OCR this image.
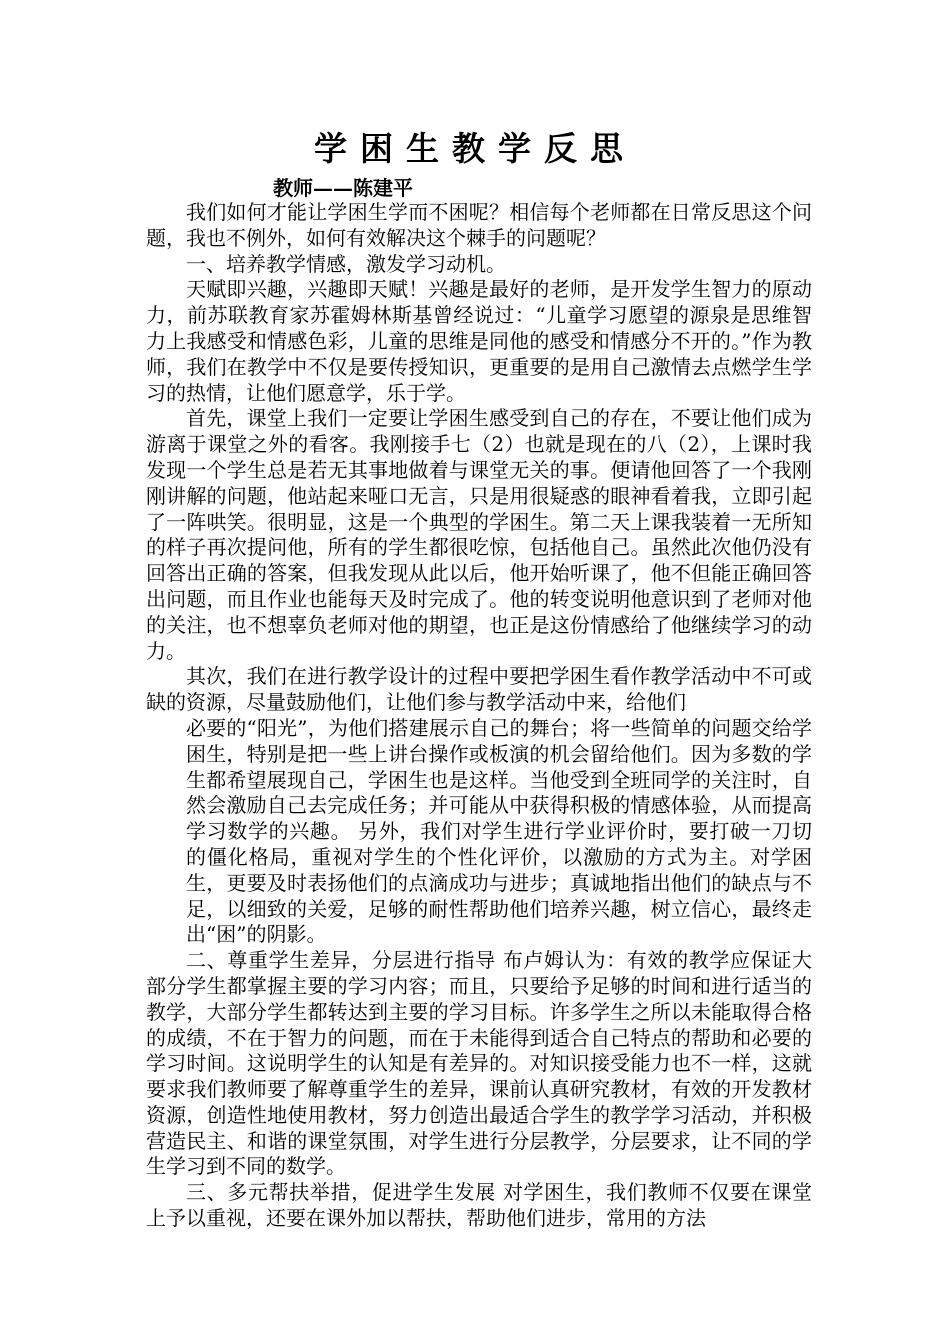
学困生教学反思
教师——陈建平

我们如何才能让学困生学而不困呢？相信每个老师都在日常反思这个问题，我也不例外，如何有效解决这个棘手的问题呢？

一、培养教学情感，激发学习动机。

天赋即兴趣，兴趣即天赋！兴趣是最好的老师，是开发学生智力的原动力，前苏联教育家苏霍姆林斯基曾经说过：“儿童学习愿望的源泉是思维智力上我感受和情感色彩，儿童的思维是同他的感受和情感分不开的。”作为教师，我们在教学中不仅是要传授知识，更重要的是用自己激情去点燃学生学习的热情，让他们愿意学，乐于学。

首先，课堂上我们一定要让学困生感受到自己的存在，不要让他们成为游离于课堂之外的看客。我刚接手七（2）也就是现在的八（2），上课时我发现一个学生总是若无其事地做着与课堂无关的事。便请他回答了一个我刚刚讲解的问题，他站起来哑口无言，只是用很疑惑的眼神看着我，立即引起了一阵哄笑。很明显，这是一个典型的学困生。第二天上课我装着一无所知的样子再次提问他，所有的学生都很吃惊，包括他自己。虽然此次他仍没有回答出正确的答案，但我发现从此以后，他开始听课了，他不但能正确回答出问题，而且作业也能每天及时完成了。他的转变说明他意识到了老师对他的关注，也不想辜负老师对他的期望，也正是这份情感给了他继续学习的动力。

其次，我们在进行教学设计的过程中要把学困生看作教学活动中不可或缺的资源，尽量鼓励他们，让他们参与教学活动中来，给他们

必要的“阳光”，为他们搭建展示自己的舞台；将一些简单的问题交给学困生，特别是把一些上讲台操作或板演的机会留给他们。因为多数的学生都希望展现自己，学困生也是这样。当他受到全班同学的关注时，自然会激励自己去完成任务；并可能从中获得积极的情感体验，从而提高学习数学的兴趣。 另外，我们对学生进行学业评价时，要打破一刀切的僵化格局，重视对学生的个性化评价，以激励的方式为主。对学困生，更要及时表扬他们的点滴成功与进步；真诚地指出他们的缺点与不足，以细致的关爱，足够的耐性帮助他们培养兴趣，树立信心，最终走出“困”的阴影。

二、尊重学生差异，分层进行指导 布卢姆认为：有效的教学应保证大部分学生都掌握主要的学习内容；而且，只要给予足够的时间和进行适当的教学，大部分学生都转达到主要的学习目标。许多学生之所以未能取得合格的成绩，不在于智力的问题，而在于未能得到适合自己特点的帮助和必要的学习时间。这说明学生的认知是有差异的。对知识接受能力也不一样，这就要求我们教师要了解尊重学生的差异，课前认真研究教材，有效的开发教材资源，创造性地使用教材，努力创造出最适合学生的教学学习活动，并积极营造民主、和谐的课堂氛围，对学生进行分层教学，分层要求，让不同的学生学习到不同的数学。

三、多元帮扶举措，促进学生发展 对学困生，我们教师不仅要在课堂上予以重视，还要在课外加以帮扶，帮助他们进步，常用的方法
